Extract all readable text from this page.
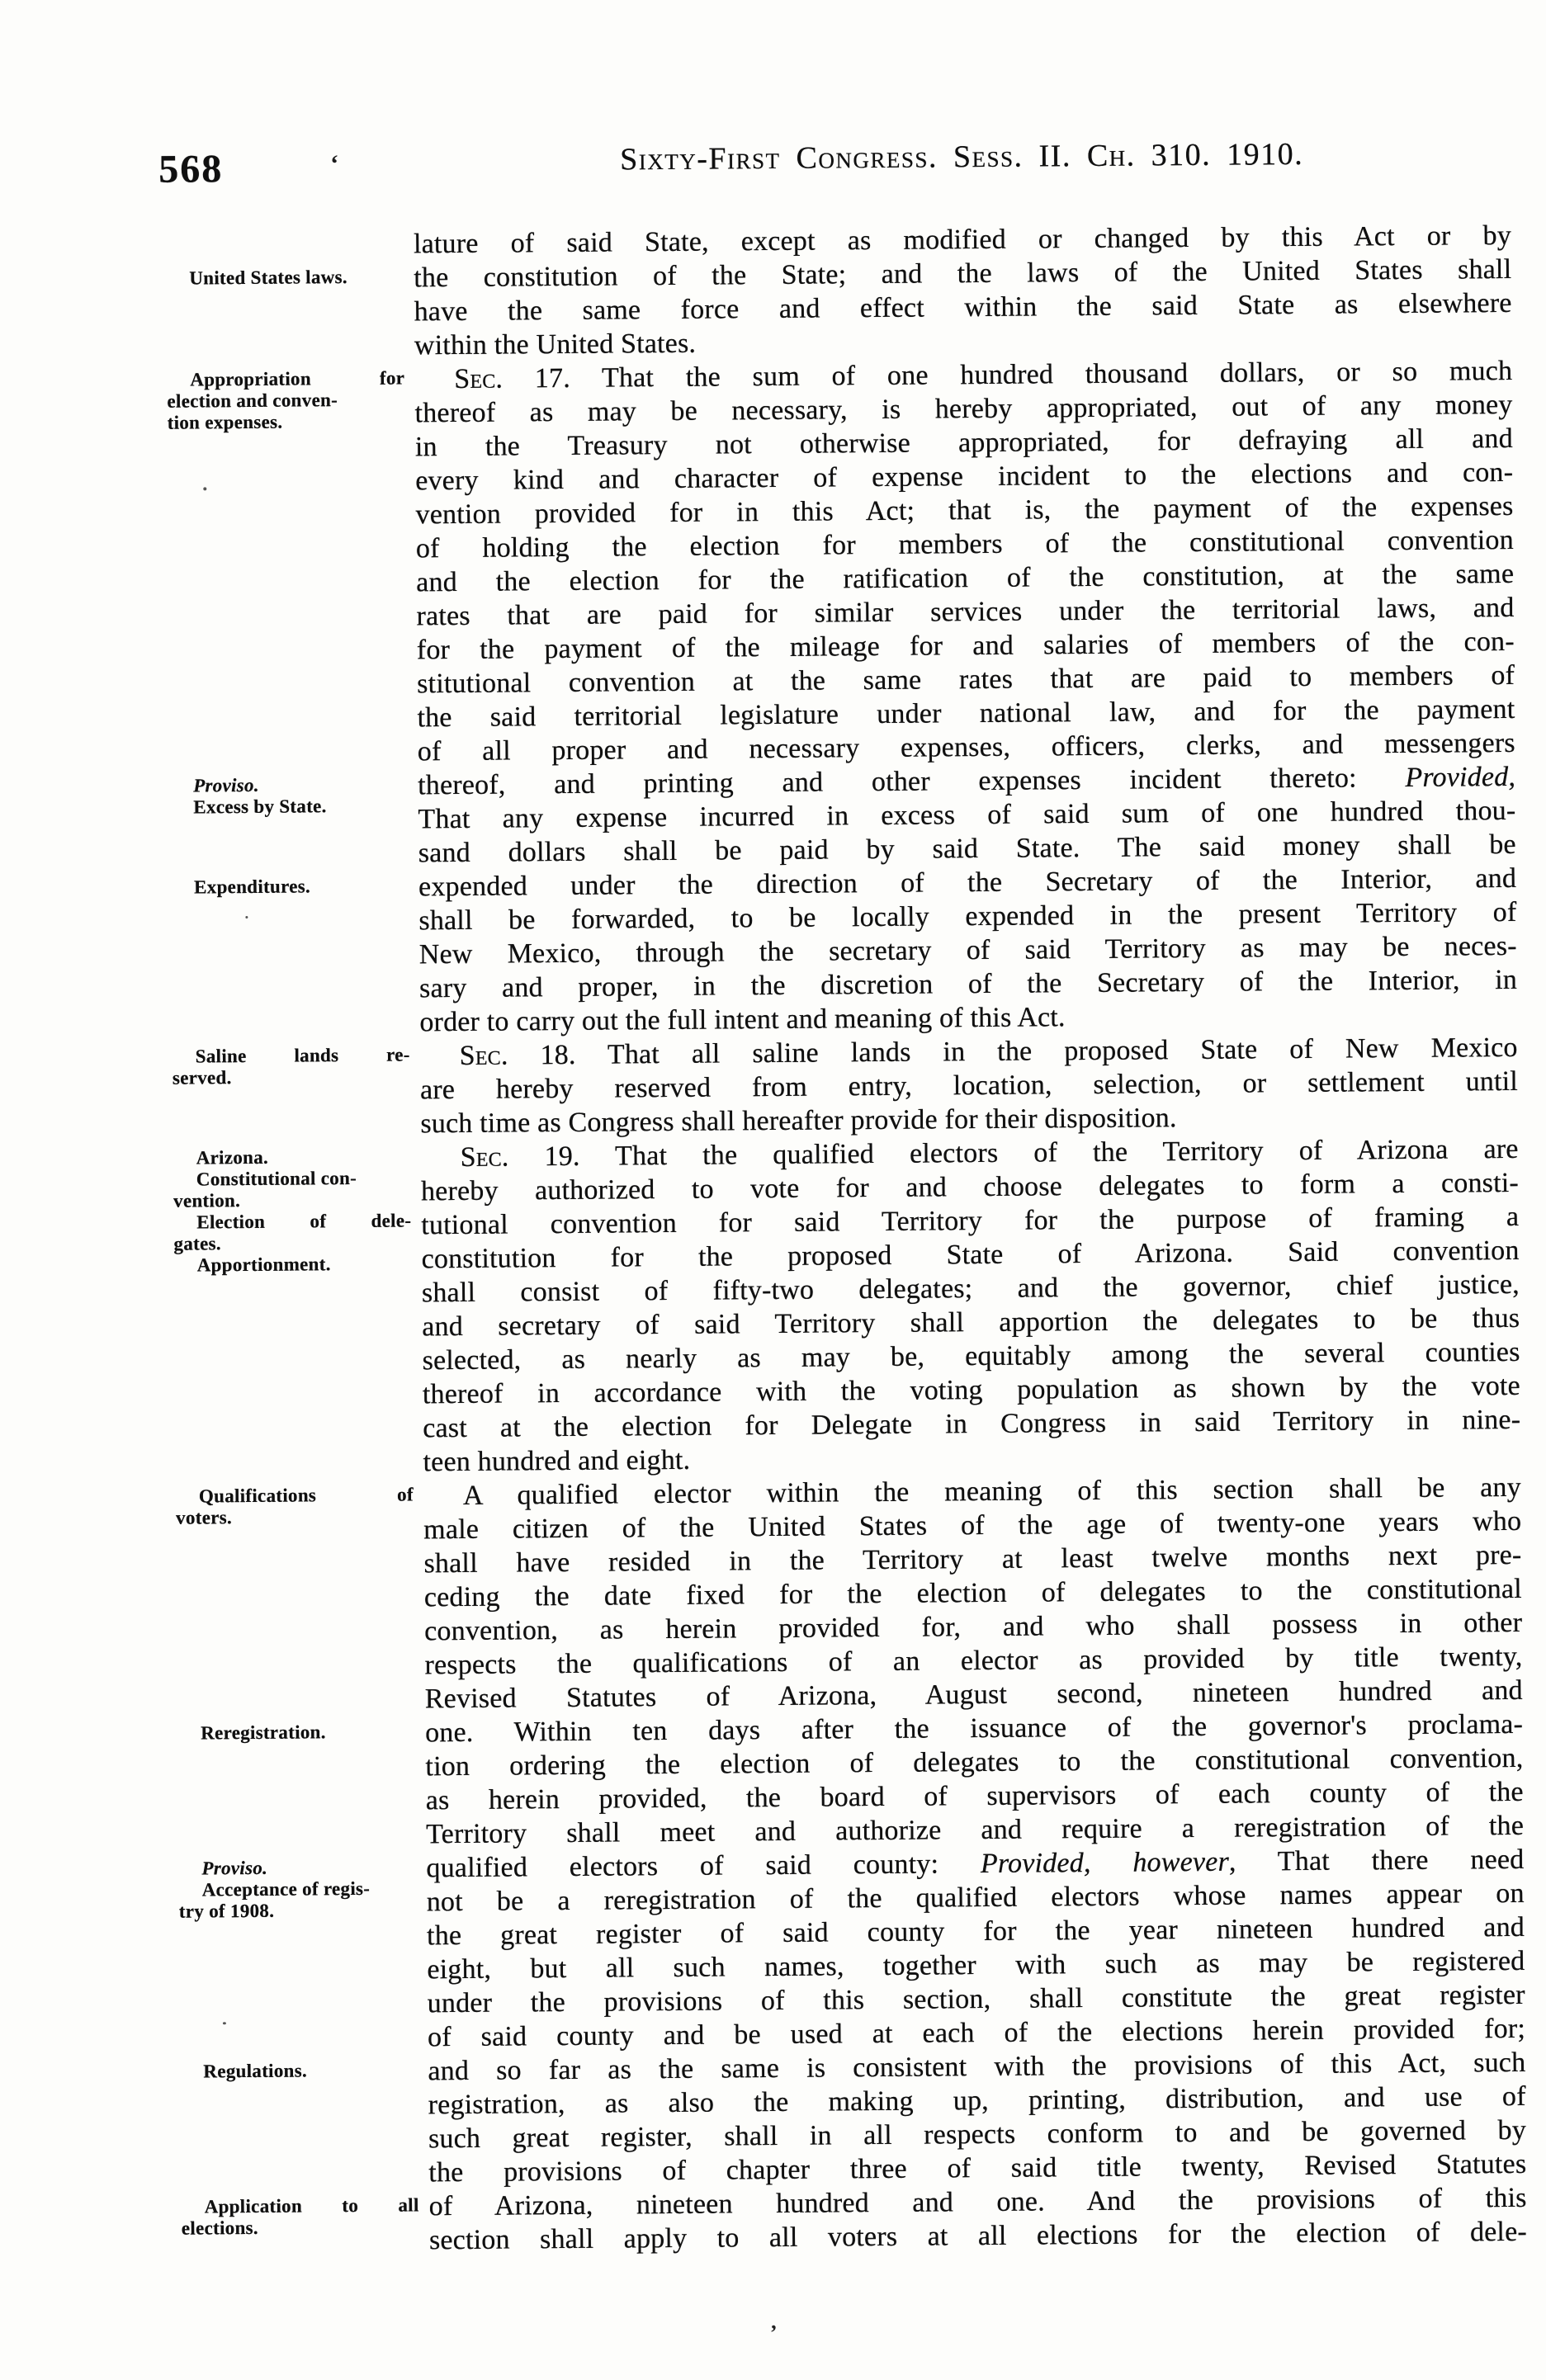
568	‘	Sixty-First Congress. Sess. II. Ch. 310. 1910.
United States laws.
Appropriation for
election and conven-
tion expenses.
Proviso.
Excess by State.
Expenditures.
Saline lands re-
served.
Arizona.
Constitutional con-
vention.
Election of dele-
gates.
Apportionment.
Qualifications of
voters.
Reregistration.
Proviso.
Acceptance of regis-
try of 1908.
Regulations.
Application to all
elections.
lature of said State, except as modified or changed by this Act or by
the constitution of the State; and the laws of the United States shall
have the same force and effect within the said State as elsewhere
within the United States.
Sec. 17. That the sum of one hundred thousand dollars, or so much
thereof as may be necessary, is hereby appropriated, out of any money
in the Treasury not otherwise appropriated, for defraying all and
every kind and character of expense incident to the elections and con-
vention provided for in this Act; that is, the payment of the expenses
of holding the election for members of the constitutional convention
and the election for the ratification of the constitution, at the same
rates that are paid for similar services under the territorial laws, and
for the payment of the mileage for and salaries of members of the con-
stitutional convention at the same rates that are paid to members of
the said territorial legislature under national law, and for the payment
of all proper and necessary expenses, officers, clerks, and messengers
thereof, and printing and other expenses incident thereto: Provided,
That any expense incurred in excess of said sum of one hundred thou-
sand dollars shall be paid by said State. The said money shall be
expended under the direction of the Secretary of the Interior, and
shall be forwarded, to be locally expended in the present Territory of
New Mexico, through the secretary of said Territory as may be neces-
sary and proper, in the discretion of the Secretary of the Interior, in
order to carry out the full intent and meaning of this Act.
Sec. 18. That all saline lands in the proposed State of New Mexico
are hereby reserved from entry, location, selection, or settlement until
such time as Congress shall hereafter provide for their disposition.
Sec. 19. That the qualified electors of the Territory of Arizona are
hereby authorized to vote for and choose delegates to form a consti-
tutional convention for said Territory for the purpose of framing a
constitution for the proposed State of Arizona. Said convention
shall consist of fifty-two delegates; and the governor, chief justice,
and secretary of said Territory shall apportion the delegates to be thus
selected, as nearly as may be, equitably among the several counties
thereof in accordance with the voting population as shown by the vote
cast at the election for Delegate in Congress in said Territory in nine-
teen hundred and eight.
A qualified elector within the meaning of this section shall be any
male citizen of the United States of the age of twenty-one years who
shall have resided in the Territory at least twelve months next pre-
ceding the date fixed for the election of delegates to the constitutional
convention, as herein provided for, and who shall possess in other
respects the qualifications of an elector as provided by title twenty,
Revised Statutes of Arizona, August second, nineteen hundred and
one. Within ten days after the issuance of the governor's proclama-
tion ordering the election of delegates to the constitutional convention,
as herein provided, the board of supervisors of each county of the
Territory shall meet and authorize and require a reregistration of the
qualified electors of said county: Provided, however, That there need
not be a reregistration of the qualified electors whose names appear on
the great register of said county for the year nineteen hundred and
eight, but all such names, together with such as may be registered
under the provisions of this section, shall constitute the great register
of said county and be used at each of the elections herein provided for;
and so far as the same is consistent with the provisions of this Act, such
registration, as also the making up, printing, distribution, and use of
such great register, shall in all respects conform to and be governed by
the provisions of chapter three of said title twenty, Revised Statutes
of Arizona, nineteen hundred and one. And the provisions of this
section shall apply to all voters at all elections for the election of dele-
’
